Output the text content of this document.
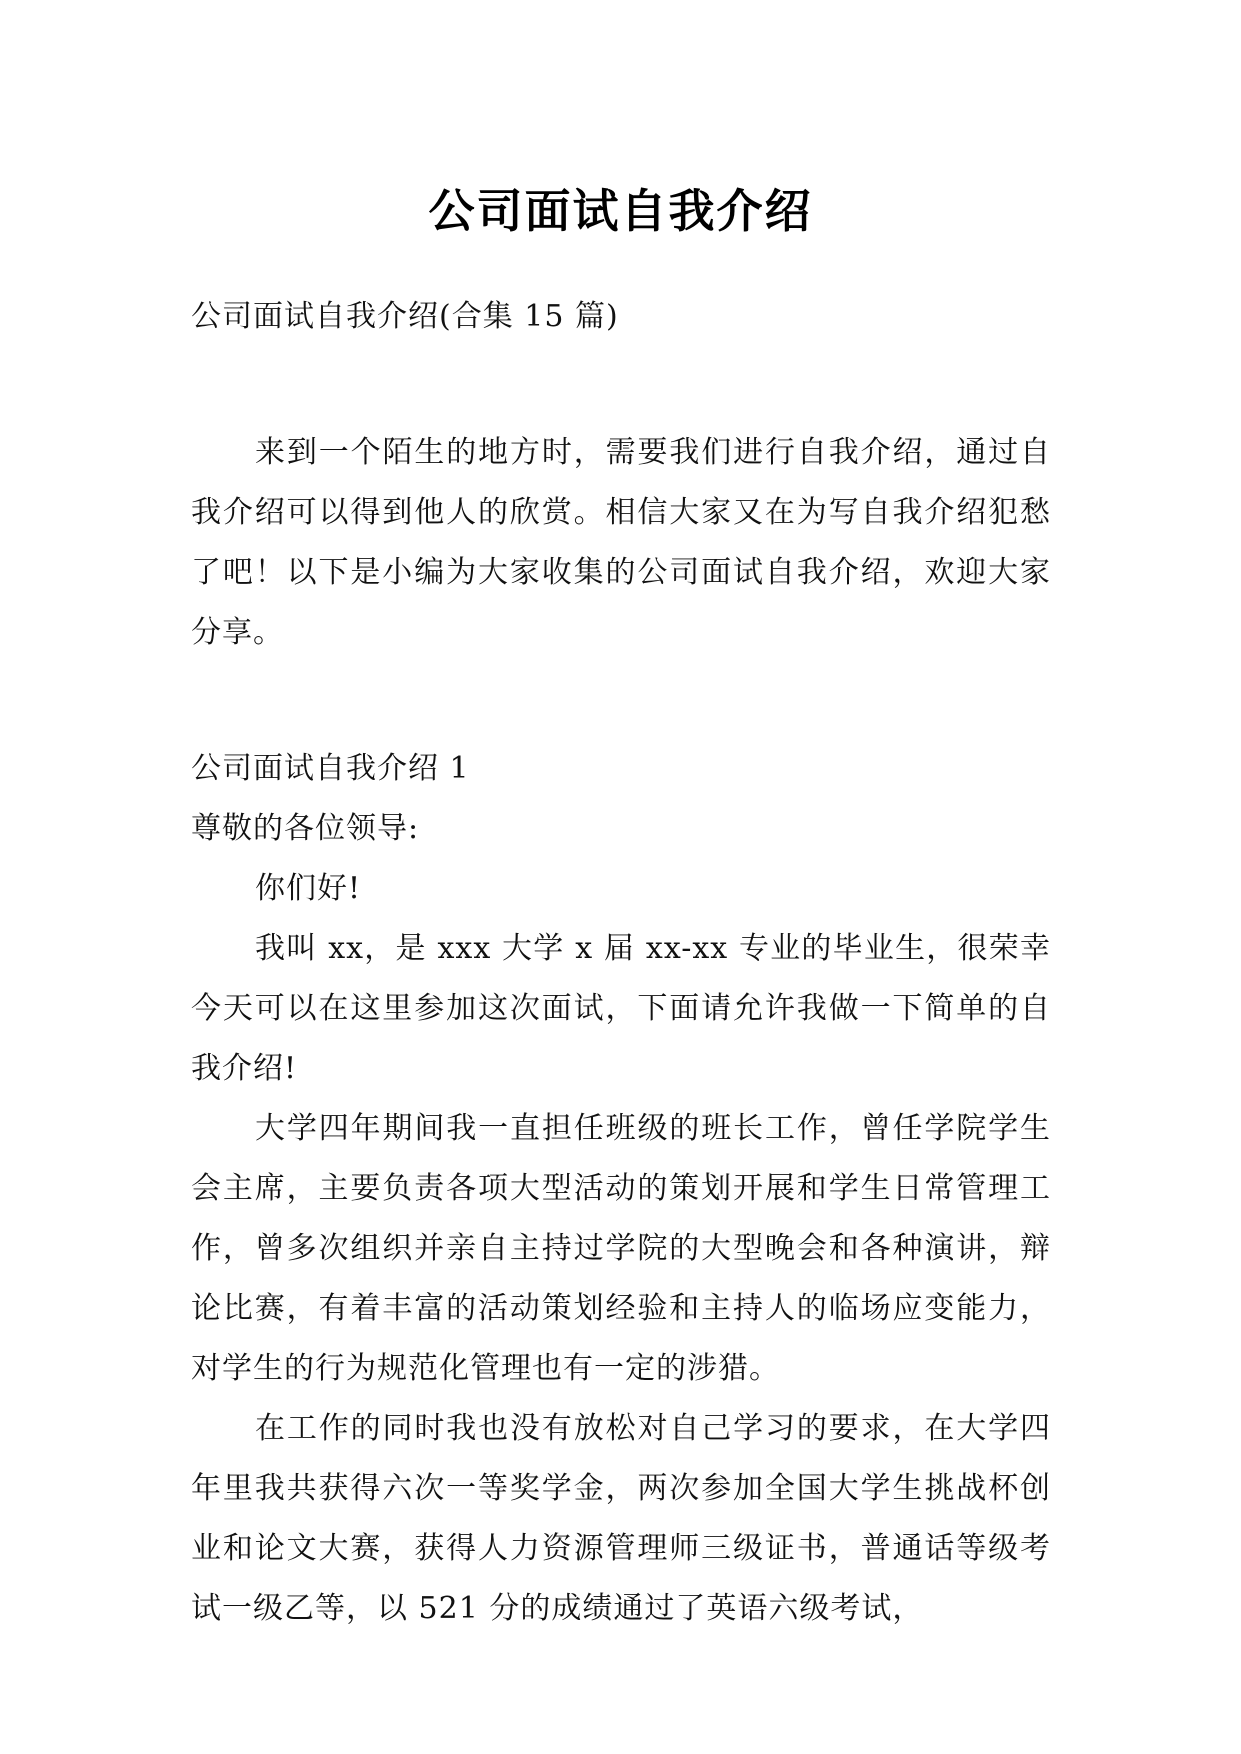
公司面试自我介绍

公司面试自我介绍(合集 15 篇)

来到一个陌生的地方时，需要我们进行自我介绍，通过自我介绍可以得到他人的欣赏。相信大家又在为写自我介绍犯愁了吧！以下是小编为大家收集的公司面试自我介绍，欢迎大家分享。

公司面试自我介绍 1

尊敬的各位领导:

你们好!

我叫 xx，是 xxx 大学 x 届 xx-xx 专业的毕业生，很荣幸今天可以在这里参加这次面试，下面请允许我做一下简单的自我介绍!

大学四年期间我一直担任班级的班长工作，曾任学院学生会主席，主要负责各项大型活动的策划开展和学生日常管理工作，曾多次组织并亲自主持过学院的大型晚会和各种演讲，辩论比赛，有着丰富的活动策划经验和主持人的临场应变能力，对学生的行为规范化管理也有一定的涉猎。

在工作的同时我也没有放松对自己学习的要求，在大学四年里我共获得六次一等奖学金，两次参加全国大学生挑战杯创业和论文大赛，获得人力资源管理师三级证书，普通话等级考试一级乙等，以 521 分的成绩通过了英语六级考试，
